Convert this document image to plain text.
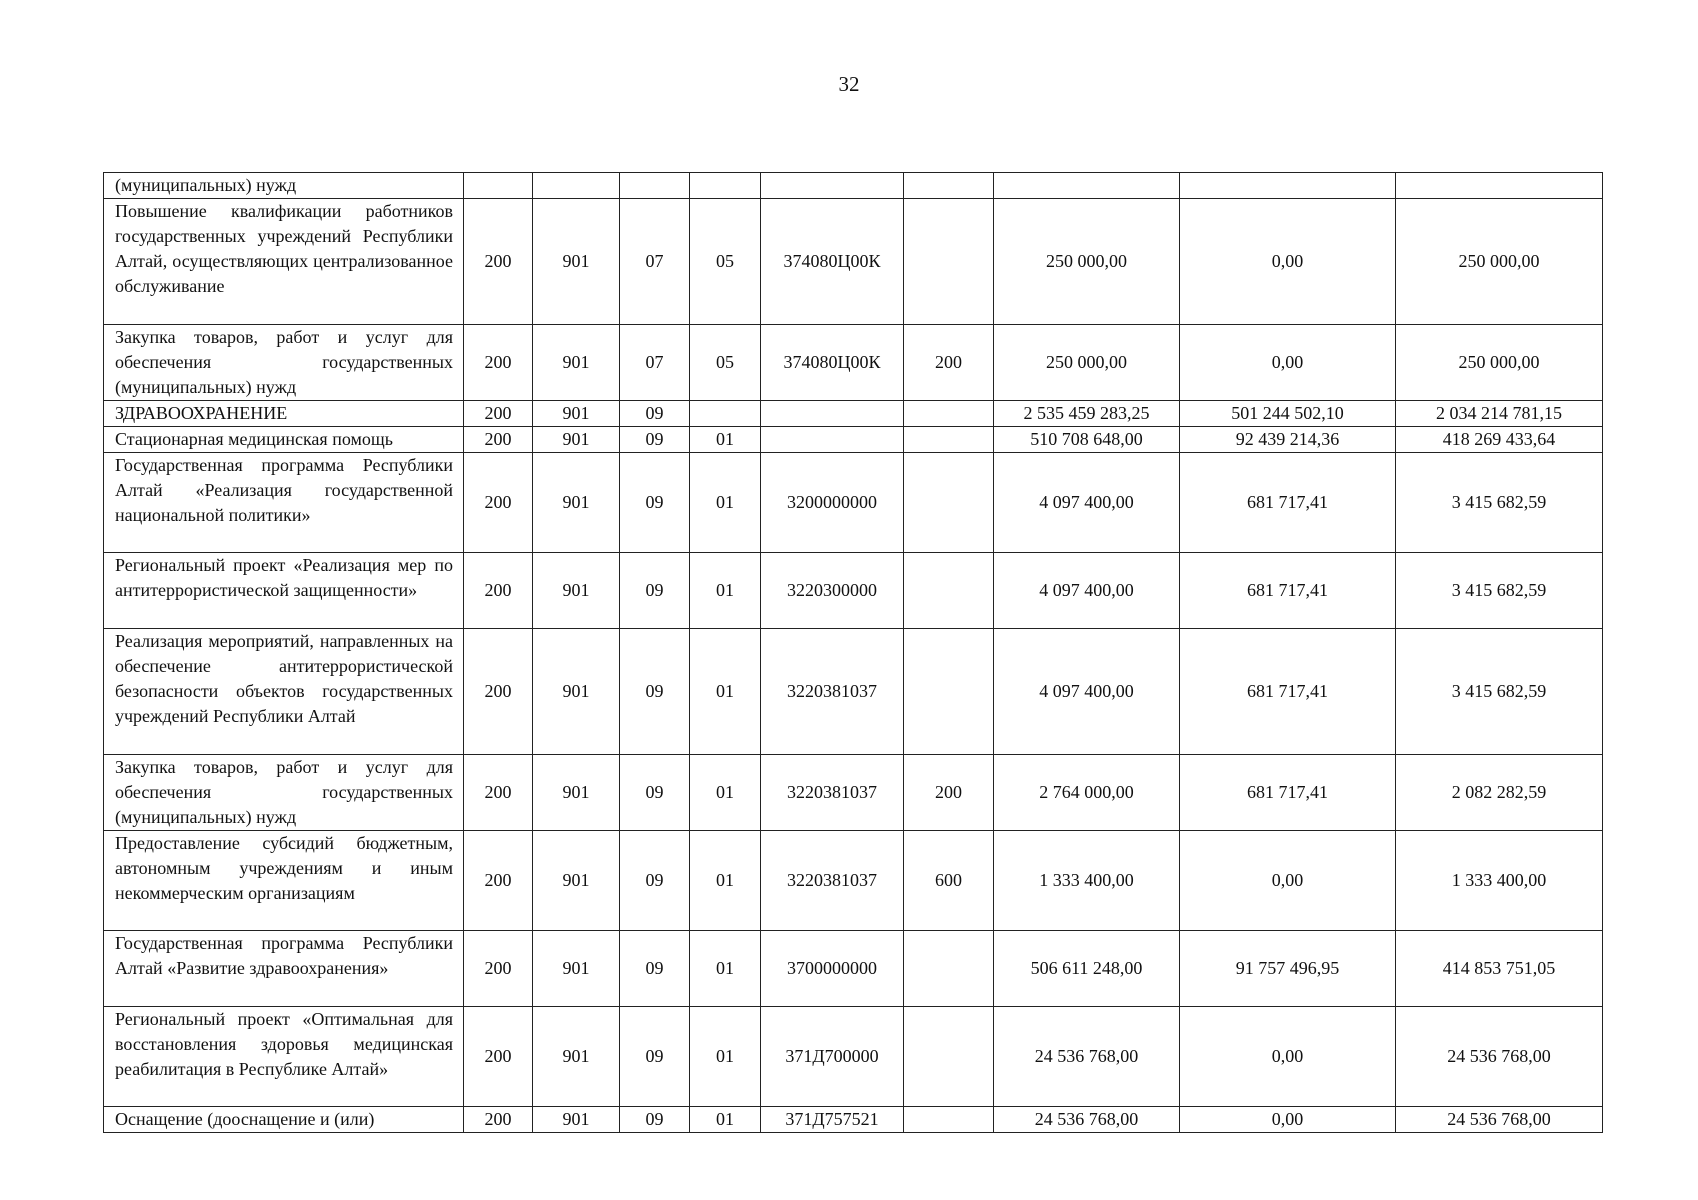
32
(муниципальных) нужд									
Повышение квалификации работников государственных учреждений Республики Алтай, осуществляющих централизованное обслуживание	200	901	07	05	374080Ц00К		250 000,00	0,00	250 000,00
Закупка товаров, работ и услуг для обеспечения государственных (муниципальных) нужд	200	901	07	05	374080Ц00К	200	250 000,00	0,00	250 000,00
ЗДРАВООХРАНЕНИЕ	200	901	09				2 535 459 283,25	501 244 502,10	2 034 214 781,15
Стационарная медицинская помощь	200	901	09	01			510 708 648,00	92 439 214,36	418 269 433,64
Государственная программа Республики Алтай «Реализация государственной национальной политики»	200	901	09	01	3200000000		4 097 400,00	681 717,41	3 415 682,59
Региональный проект «Реализация мер по антитеррористической защищенности»	200	901	09	01	3220300000		4 097 400,00	681 717,41	3 415 682,59
Реализация мероприятий, направленных на обеспечение антитеррористической безопасности объектов государственных учреждений Республики Алтай	200	901	09	01	3220381037		4 097 400,00	681 717,41	3 415 682,59
Закупка товаров, работ и услуг для обеспечения государственных (муниципальных) нужд	200	901	09	01	3220381037	200	2 764 000,00	681 717,41	2 082 282,59
Предоставление субсидий бюджетным, автономным учреждениям и иным некоммерческим организациям	200	901	09	01	3220381037	600	1 333 400,00	0,00	1 333 400,00
Государственная программа Республики Алтай «Развитие здравоохранения»	200	901	09	01	3700000000		506 611 248,00	91 757 496,95	414 853 751,05
Региональный проект «Оптимальная для восстановления здоровья медицинская реабилитация в Республике Алтай»	200	901	09	01	371Д700000		24 536 768,00	0,00	24 536 768,00
Оснащение (дооснащение и (или)	200	901	09	01	371Д757521		24 536 768,00	0,00	24 536 768,00
